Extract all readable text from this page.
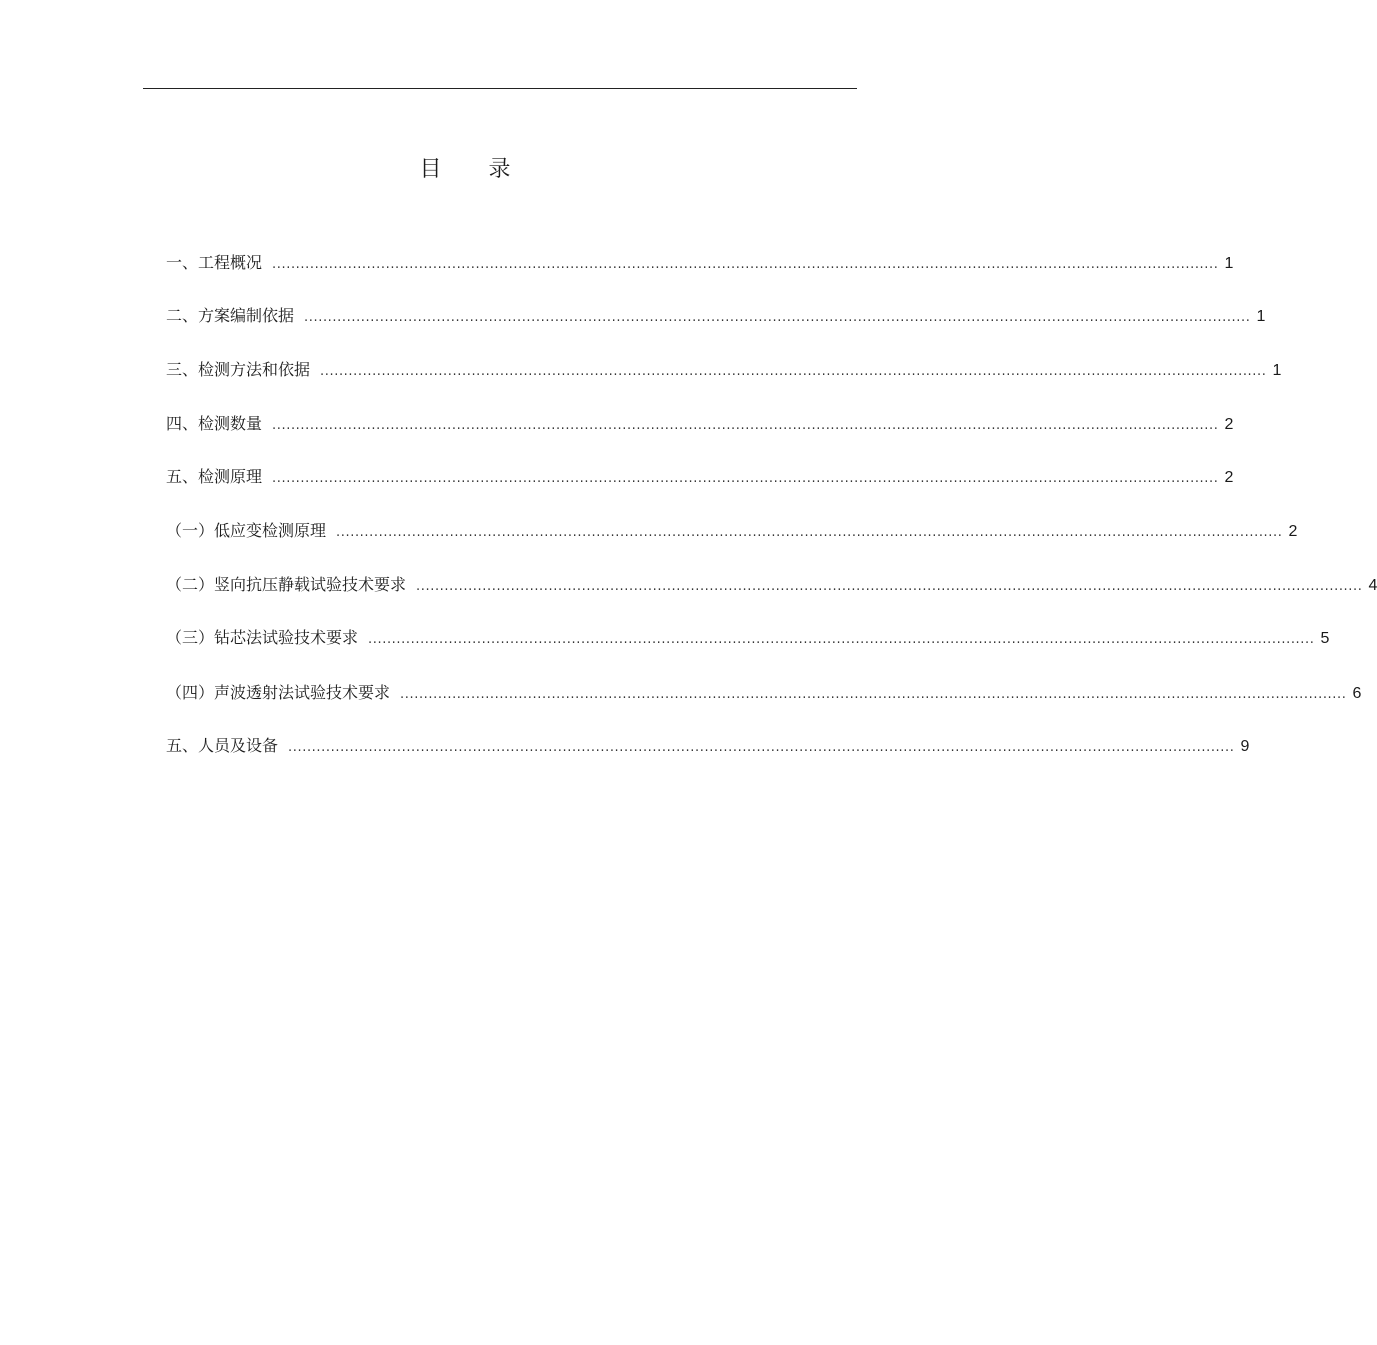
目 录
一、工程概况 ........................................................................................................................................................................................................ 1
二、方案编制依据 ........................................................................................................................................................................................................ 1
三、检测方法和依据 ........................................................................................................................................................................................................ 1
四、检测数量 ........................................................................................................................................................................................................ 2
五、检测原理 ........................................................................................................................................................................................................ 2
（一）低应变检测原理 ........................................................................................................................................................................................................ 2
（二）竖向抗压静载试验技术要求 ........................................................................................................................................................................................................ 4
（三）钻芯法试验技术要求 ........................................................................................................................................................................................................ 5
（四）声波透射法试验技术要求 ........................................................................................................................................................................................................ 6
五、人员及设备 ........................................................................................................................................................................................................ 9
